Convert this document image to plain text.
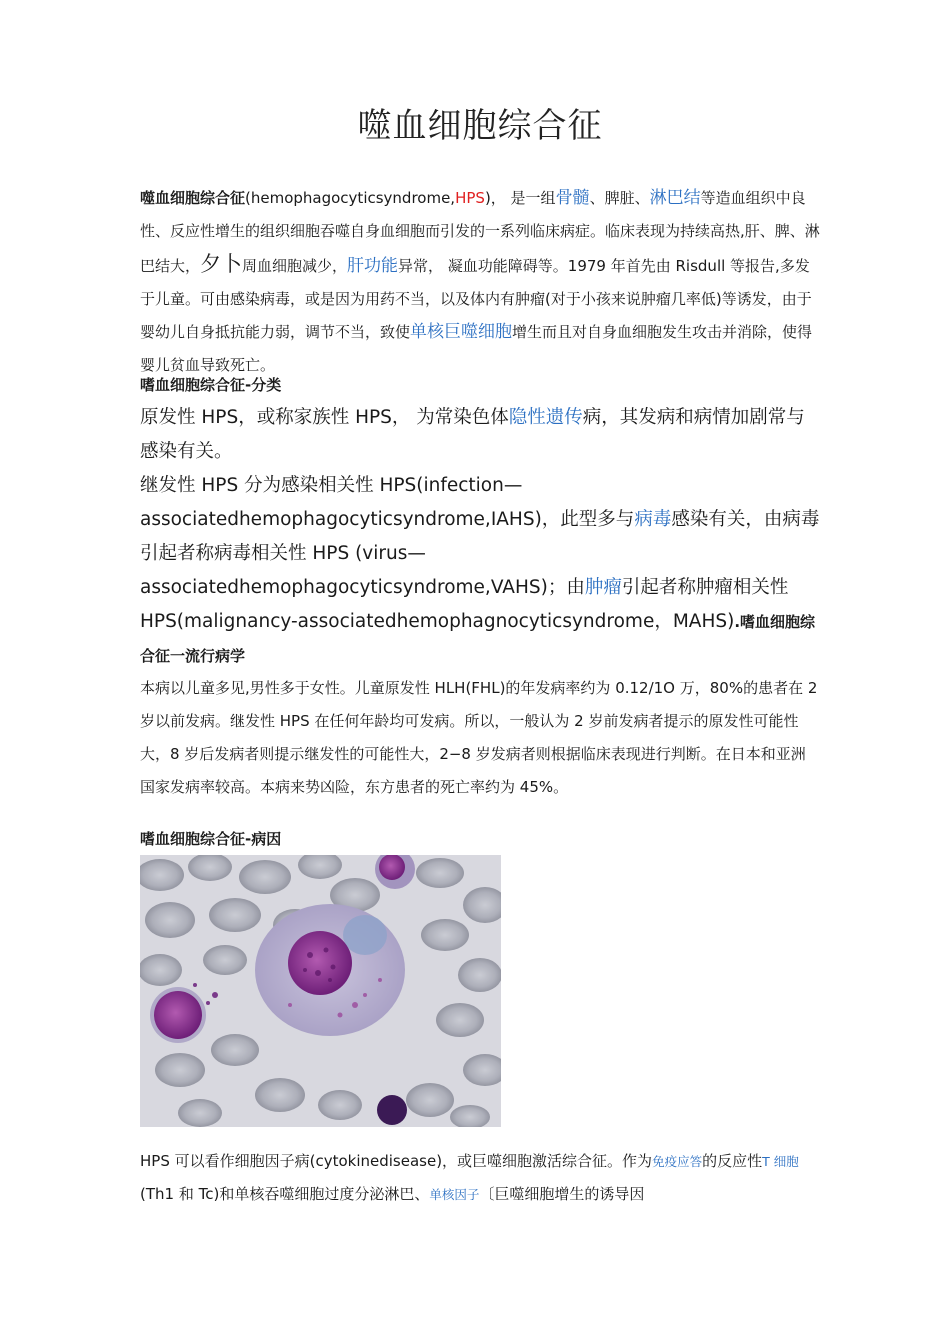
噬血细胞综合征
噬血细胞综合征(hemophagocyticsyndrome,HPS)， 是一组骨髓、脾脏、淋巴结等造血组织中良性、反应性增生的组织细胞吞噬自身血细胞而引发的一系列临床病症。临床表现为持续高热,肝、脾、淋巴结大，夕卜周血细胞减少，肝功能异常， 凝血功能障碍等。1979 年首先由 Risdull 等报告,多发于儿童。可由感染病毒，或是因为用药不当，以及体内有肿瘤(对于小孩来说肿瘤几率低)等诱发，由于婴幼儿自身抵抗能力弱，调节不当，致使单核巨噬细胞增生而且对自身血细胞发生攻击并消除，使得婴儿贫血导致死亡。
嗜血细胞综合征-分类
原发性 HPS，或称家族性 HPS， 为常染色体隐性遗传病，其发病和病情加剧常与感染有关。
继发性 HPS 分为感染相关性 HPS(infection—associatedhemophagocyticsyndrome,IAHS)，此型多与病毒感染有关，由病毒引起者称病毒相关性 HPS (virus—associatedhemophagocyticsyndrome,VAHS)；由肿瘤引起者称肿瘤相关性 HPS(malignancy-associatedhemophagnocyticsyndrome，MAHS).嗜血细胞综合征一流行病学
本病以儿童多见,男性多于女性。儿童原发性 HLH(FHL)的年发病率约为 0.12/1O 万，80%的患者在 2 岁以前发病。继发性 HPS 在任何年龄均可发病。所以，一般认为 2 岁前发病者提示的原发性可能性大，8 岁后发病者则提示继发性的可能性大，2−8 岁发病者则根据临床表现进行判断。在日本和亚洲国家发病率较高。本病来势凶险，东方患者的死亡率约为 45%。
嗜血细胞综合征-病因
HPS 可以看作细胞因子病(cytokinedisease)，或巨噬细胞激活综合征。作为免疫应答的反应性T 细胞(Th1 和 Tc)和单核吞噬细胞过度分泌淋巴、单核因子〔巨噬细胞增生的诱导因
